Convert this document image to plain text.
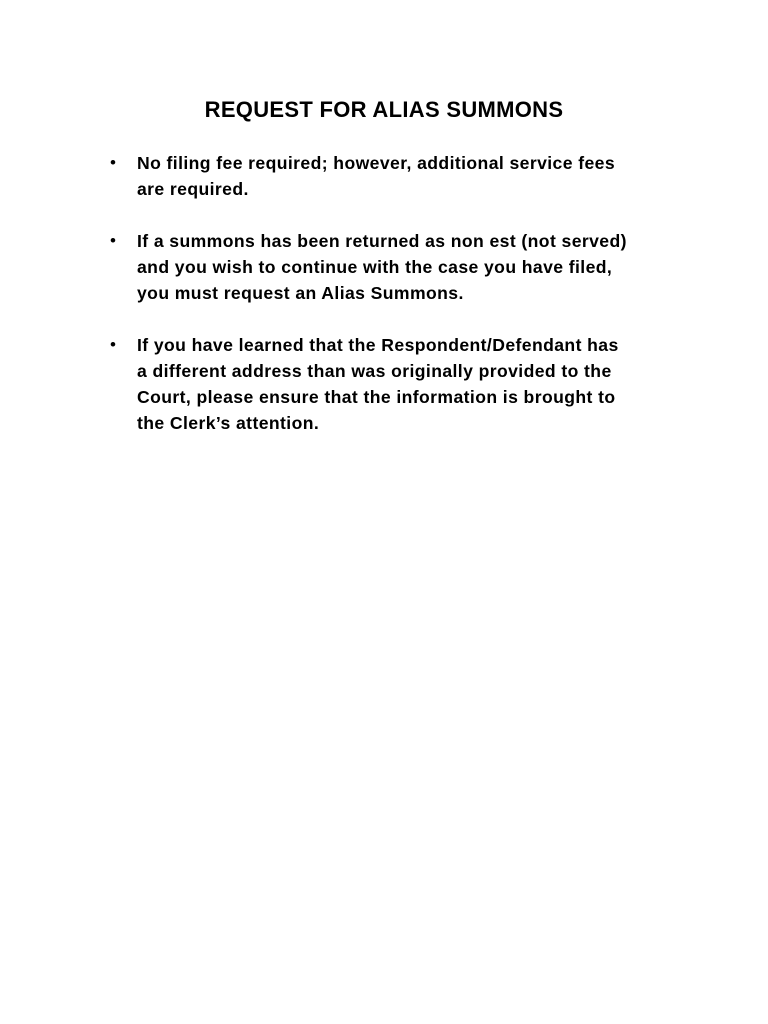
REQUEST FOR ALIAS SUMMONS
• No filing fee required; however, additional service fees
are required.
• If a summons has been returned as non est (not served)
and you wish to continue with the case you have filed,
you must request an Alias Summons.
• If you have learned that the Respondent/Defendant has
a different address than was originally provided to the
Court, please ensure that the information is brought to
the Clerk’s attention.
